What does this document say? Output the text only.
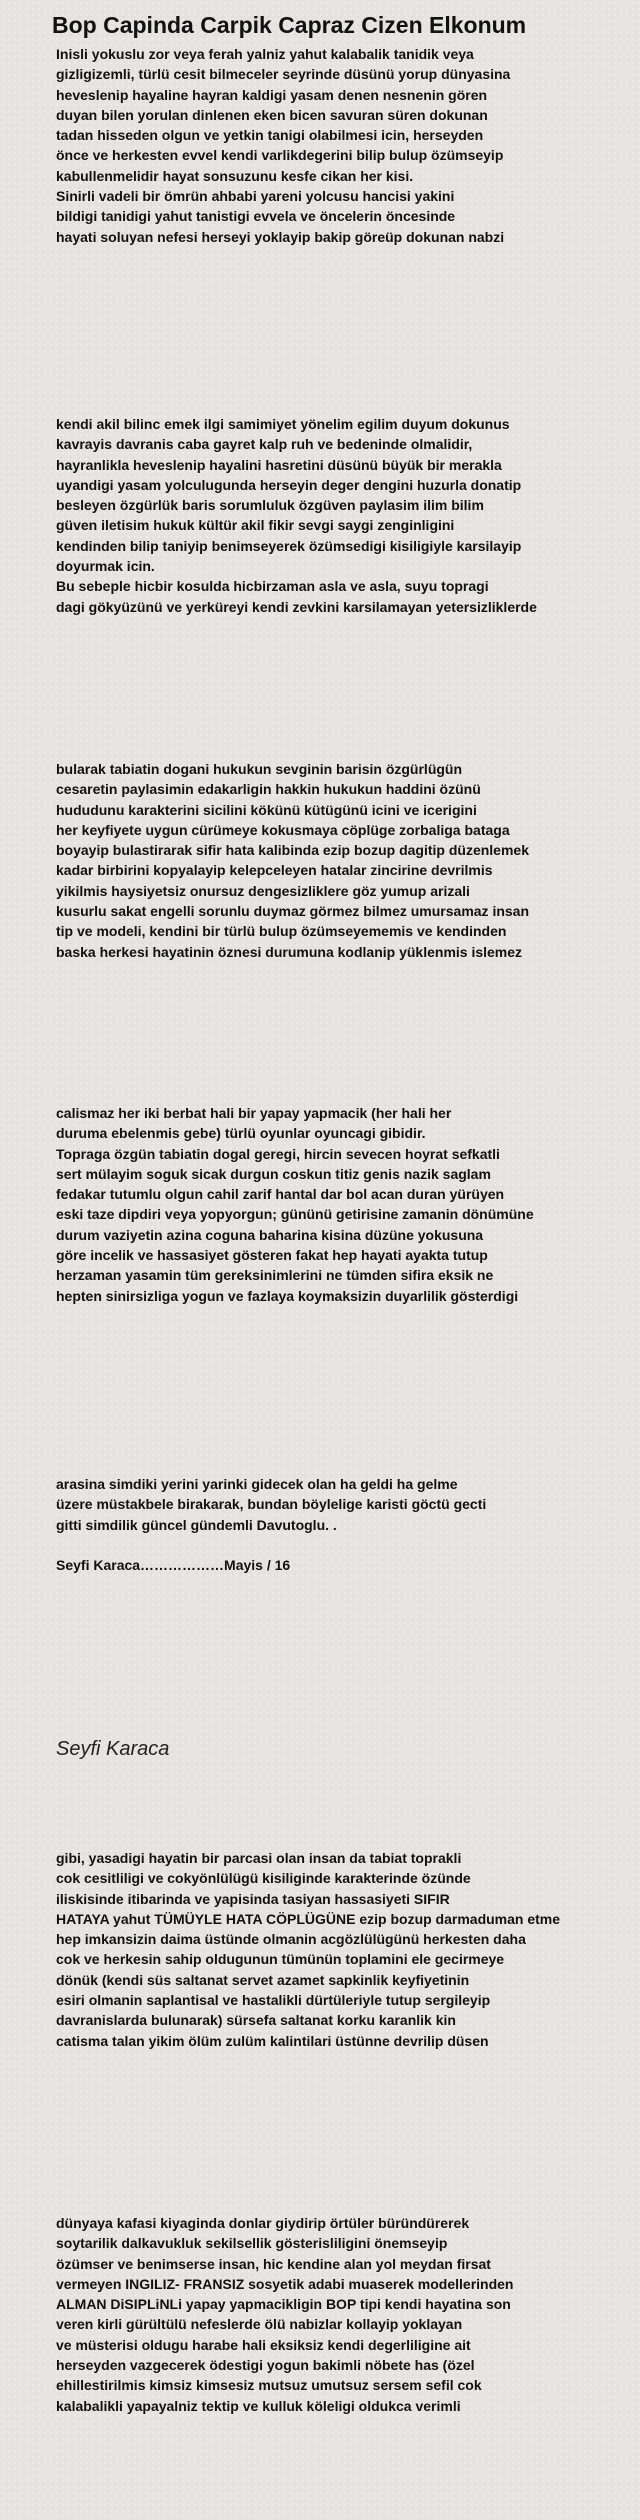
Bop Capinda Carpik Capraz Cizen Elkonum
Inisli yokuslu zor veya ferah yalniz yahut kalabalik tanidik veya
gizligizemli, türlü cesit bilmeceler seyrinde düsünü yorup dünyasina
heveslenip hayaline hayran kaldigi yasam denen nesnenin gören
duyan bilen yorulan dinlenen eken bicen savuran süren dokunan
tadan hisseden olgun ve yetkin tanigi olabilmesi icin, herseyden
önce ve herkesten evvel kendi varlikdegerini bilip bulup özümseyip
kabullenmelidir hayat sonsuzunu kesfe cikan her kisi.
Sinirli vadeli bir ömrün ahbabi yareni yolcusu hancisi yakini
bildigi tanidigi yahut tanistigi evvela ve öncelerin öncesinde
hayati soluyan nefesi herseyi yoklayip bakip göreüp dokunan nabzi
kendi akil bilinc emek ilgi samimiyet yönelim egilim duyum dokunus
kavrayis davranis caba gayret kalp ruh ve bedeninde olmalidir,
hayranlikla heveslenip hayalini hasretini düsünü büyük bir merakla
uyandigi yasam yolculugunda herseyin deger dengini huzurla donatip
besleyen özgürlük baris sorumluluk özgüven paylasim ilim bilim
güven iletisim hukuk kültür akil fikir sevgi saygi zenginligini
kendinden bilip taniyip benimseyerek özümsedigi kisiligiyle karsilayip
doyurmak icin.
Bu sebeple hicbir kosulda hicbirzaman asla ve asla, suyu topragi
dagi gökyüzünü ve yerküreyi kendi zevkini karsilamayan yetersizliklerde
bularak tabiatin dogani hukukun sevginin barisin özgürlügün
cesaretin paylasimin edakarligin hakkin hukukun haddini özünü
hududunu karakterini sicilini kökünü kütügünü icini ve icerigini
her keyfiyete uygun cürümeye kokusmaya cöplüge zorbaliga bataga
boyayip bulastirarak sifir hata kalibinda ezip bozup dagitip düzenlemek
kadar birbirini kopyalayip kelepceleyen hatalar zincirine devrilmis
yikilmis haysiyetsiz onursuz dengesizliklere göz yumup arizali
kusurlu sakat engelli sorunlu duymaz görmez bilmez umursamaz insan
tip ve modeli, kendini bir türlü bulup özümseyememis ve kendinden
baska herkesi hayatinin öznesi durumuna kodlanip yüklenmis islemez
calismaz her iki berbat hali bir yapay yapmacik (her hali her
duruma ebelenmis gebe) türlü oyunlar oyuncagi gibidir.
Topraga özgün tabiatin dogal geregi, hircin sevecen hoyrat sefkatli
sert mülayim soguk sicak durgun coskun titiz genis nazik saglam
fedakar tutumlu olgun cahil zarif hantal dar bol acan duran yürüyen
eski taze dipdiri veya yopyorgun; gününü getirisine zamanin dönümüne
durum vaziyetin azina coguna baharina kisina düzüne yokusuna
göre incelik ve hassasiyet gösteren fakat hep hayati ayakta tutup
herzaman yasamin tüm gereksinimlerini ne tümden sifira eksik ne
hepten sinirsizliga yogun ve fazlaya koymaksizin duyarlilik gösterdigi
arasina simdiki yerini yarinki gidecek olan ha geldi ha gelme
üzere müstakbele birakarak, bundan böylelige karisti göctü gecti
gitti simdilik güncel gündemli Davutoglu. .

Seyfi Karaca………………Mayis / 16
Seyfi Karaca
gibi, yasadigi hayatin bir parcasi olan insan da tabiat toprakli
cok cesitliligi ve cokyönlülügü kisiliginde karakterinde özünde
iliskisinde itibarinda ve yapisinda tasiyan hassasiyeti SIFIR
HATAYA yahut TÜMÜYLE HATA CÖPLÜGÜNE ezip bozup darmaduman etme
hep imkansizin daima üstünde olmanin acgözlülügünü herkesten daha
cok ve herkesin sahip oldugunun tümünün toplamini ele gecirmeye
dönük (kendi süs saltanat servet azamet sapkinlik keyfiyetinin
esiri olmanin saplantisal ve hastalikli dürtüleriyle tutup sergileyip
davranislarda bulunarak) sürsefa saltanat korku karanlik kin
catisma talan yikim ölüm zulüm kalintilari üstünne devrilip düsen
dünyaya kafasi kiyaginda donlar giydirip örtüler büründürerek
soytarilik dalkavukluk sekilsellik gösterisliligini önemseyip
özümser ve benimserse insan, hic kendine alan yol meydan firsat
vermeyen INGILIZ- FRANSIZ sosyetik adabi muaserek modellerinden
ALMAN DiSIPLiNLi yapay yapmacikligin BOP tipi kendi hayatina son
veren kirli gürültülü nefeslerde ölü nabizlar kollayip yoklayan
ve müsterisi oldugu harabe hali eksiksiz kendi degerliligine ait
herseyden vazgecerek ödestigi yogun bakimli nöbete has (özel
ehillestirilmis kimsiz kimsesiz mutsuz umutsuz sersem sefil cok
kalabalikli yapayalniz tektip ve kulluk köleligi oldukca verimli
